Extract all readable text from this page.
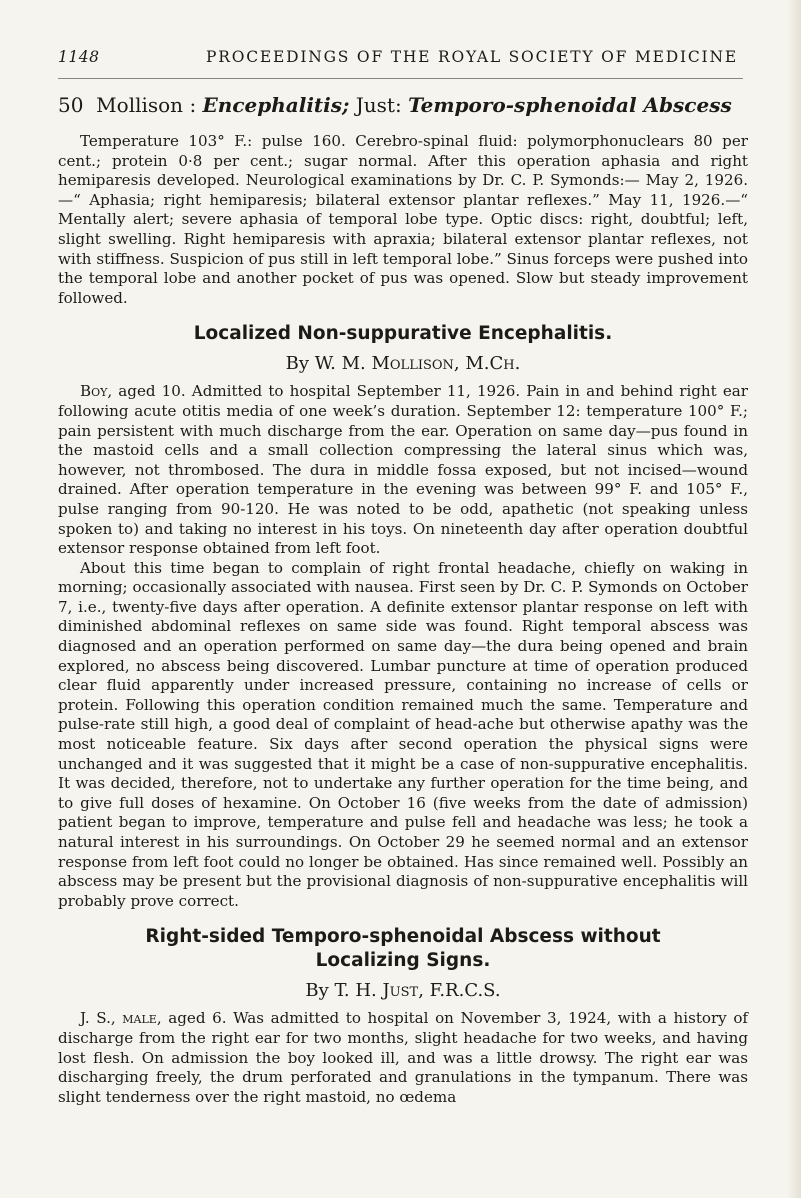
1148	PROCEEDINGS OF THE ROYAL SOCIETY OF MEDICINE
50 Mollison : Encephalitis; Just: Temporo-sphenoidal Abscess

Temperature 103° F.: pulse 160. Cerebro-spinal fluid: polymorphonuclears 80 per cent.; protein 0·8 per cent.; sugar normal. After this operation aphasia and right hemiparesis developed. Neurological examinations by Dr. C. P. Symonds:— May 2, 1926.—“ Aphasia; right hemiparesis; bilateral extensor plantar reflexes.” May 11, 1926.—“ Mentally alert; severe aphasia of temporal lobe type. Optic discs: right, doubtful; left, slight swelling. Right hemiparesis with apraxia; bilateral extensor plantar reflexes, not with stiffness. Suspicion of pus still in left temporal lobe.” Sinus forceps were pushed into the temporal lobe and another pocket of pus was opened. Slow but steady improvement followed.

Localized Non-suppurative Encephalitis.
By W. M. Mollison, M.Ch.

Boy, aged 10. Admitted to hospital September 11, 1926. Pain in and behind right ear following acute otitis media of one week’s duration. September 12: temperature 100° F.; pain persistent with much discharge from the ear. Operation on same day—pus found in the mastoid cells and a small collection compressing the lateral sinus which was, however, not thrombosed. The dura in middle fossa exposed, but not incised—wound drained. After operation temperature in the evening was between 99° F. and 105° F., pulse ranging from 90-120. He was noted to be odd, apathetic (not speaking unless spoken to) and taking no interest in his toys. On nineteenth day after operation doubtful extensor response obtained from left foot.

About this time began to complain of right frontal headache, chiefly on waking in morning; occasionally associated with nausea. First seen by Dr. C. P. Symonds on October 7, i.e., twenty-five days after operation. A definite extensor plantar response on left with diminished abdominal reflexes on same side was found. Right temporal abscess was diagnosed and an operation performed on same day—the dura being opened and brain explored, no abscess being discovered. Lumbar puncture at time of operation produced clear fluid apparently under increased pressure, containing no increase of cells or protein. Following this operation condition remained much the same. Temperature and pulse-rate still high, a good deal of complaint of head-ache but otherwise apathy was the most noticeable feature. Six days after second operation the physical signs were unchanged and it was suggested that it might be a case of non-suppurative encephalitis. It was decided, therefore, not to undertake any further operation for the time being, and to give full doses of hexamine. On October 16 (five weeks from the date of admission) patient began to improve, temperature and pulse fell and headache was less; he took a natural interest in his surroundings. On October 29 he seemed normal and an extensor response from left foot could no longer be obtained. Has since remained well. Possibly an abscess may be present but the provisional diagnosis of non-suppurative encephalitis will probably prove correct.

Right-sided Temporo-sphenoidal Abscess without
Localizing Signs.
By T. H. Just, F.R.C.S.

J. S., male, aged 6. Was admitted to hospital on November 3, 1924, with a history of discharge from the right ear for two months, slight headache for two weeks, and having lost flesh. On admission the boy looked ill, and was a little drowsy. The right ear was discharging freely, the drum perforated and granulations in the tympanum. There was slight tenderness over the right mastoid, no œdema
